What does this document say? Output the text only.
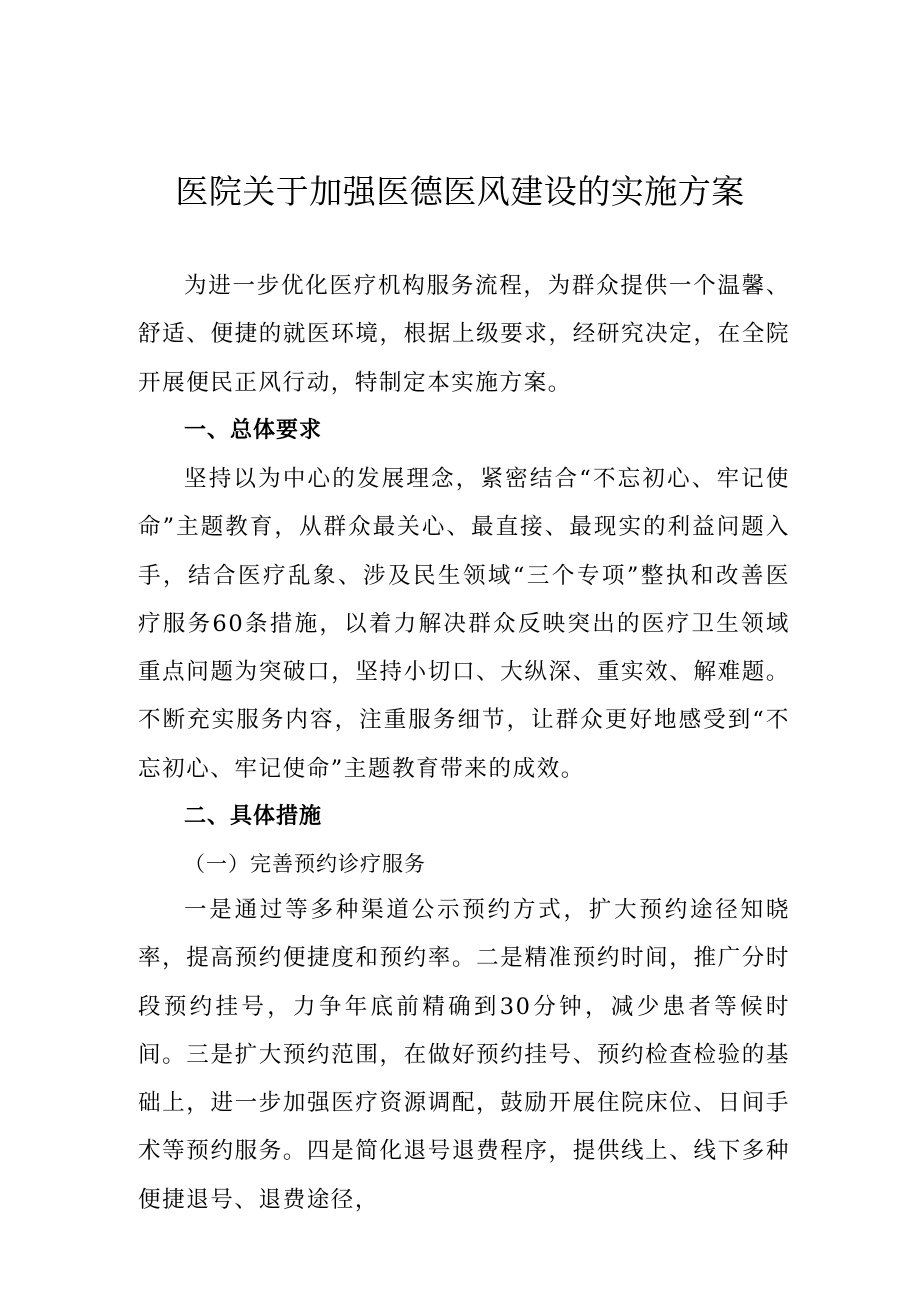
医院关于加强医德医风建设的实施方案

为进一步优化医疗机构服务流程，为群众提供一个温馨、舒适、便捷的就医环境，根据上级要求，经研究决定，在全院开展便民正风行动，特制定本实施方案。

一、总体要求

坚持以为中心的发展理念，紧密结合“不忘初心、牢记使命”主题教育，从群众最关心、最直接、最现实的利益问题入手，结合医疗乱象、涉及民生领域“三个专项”整执和改善医疗服务60条措施，以着力解决群众反映突出的医疗卫生领域重点问题为突破口，坚持小切口、大纵深、重实效、解难题。不断充实服务内容，注重服务细节，让群众更好地感受到“不忘初心、牢记使命”主题教育带来的成效。

二、具体措施
（一）完善预约诊疗服务

一是通过等多种渠道公示预约方式，扩大预约途径知晓率，提高预约便捷度和预约率。二是精准预约时间，推广分时段预约挂号，力争年底前精确到30分钟，减少患者等候时间。三是扩大预约范围，在做好预约挂号、预约检查检验的基础上，进一步加强医疗资源调配，鼓励开展住院床位、日间手术等预约服务。四是简化退号退费程序，提供线上、线下多种便捷退号、退费途径，
